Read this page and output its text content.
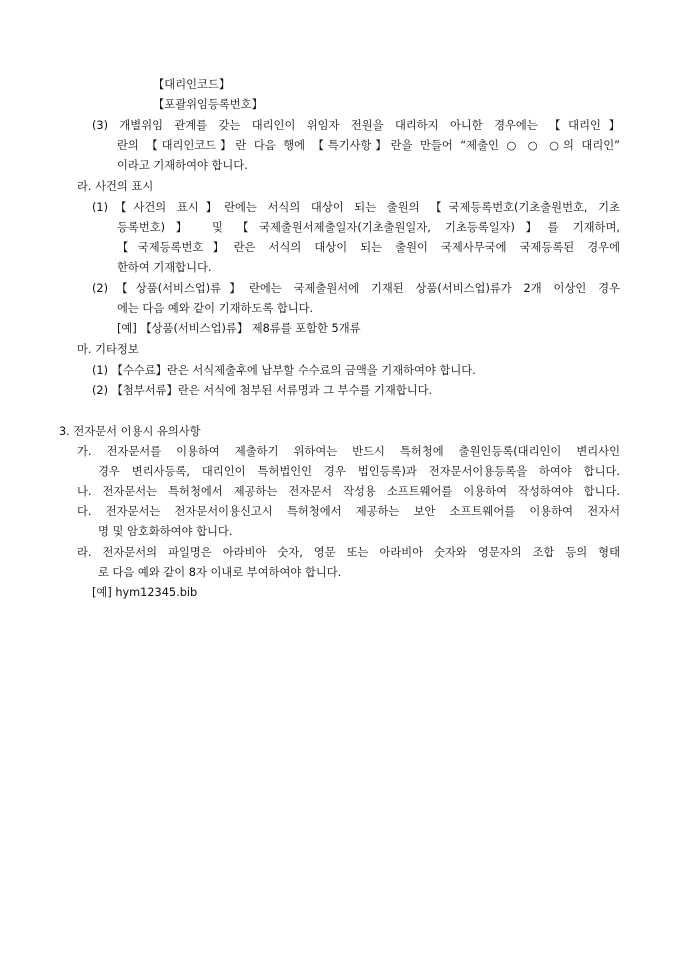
【대리인코드】
【포괄위임등록번호】
(3) 개별위임 관계를 갖는 대리인이 위임자 전원을 대리하지 아니한 경우에는 【대리인】
란의 【대리인코드】란 다음 행에 【특기사항】란을 만들어 “제출인 ○ ○ ○의 대리인”
이라고 기재하여야 합니다.
라. 사건의 표시
(1)【사건의 표시】란에는 서식의 대상이 되는 출원의 【국제등록번호(기초출원번호, 기초
등록번호)】 및 【국제출원서제출일자(기초출원일자, 기초등록일자)】를 기재하며,
【국제등록번호】란은 서식의 대상이 되는 출원이 국제사무국에 국제등록된 경우에
한하여 기재합니다.
(2)【상품(서비스업)류】란에는 국제출원서에 기재된 상품(서비스업)류가 2개 이상인 경우
에는 다음 예와 같이 기재하도록 합니다.
[예] 【상품(서비스업)류】 제8류를 포함한 5개류
마. 기타정보
(1) 【수수료】란은 서식제출후에 납부할 수수료의 금액을 기재하여야 합니다.
(2) 【첨부서류】란은 서식에 첨부된 서류명과 그 부수를 기재합니다.
3. 전자문서 이용시 유의사항
가. 전자문서를 이용하여 제출하기 위하여는 반드시 특허청에 출원인등록(대리인이 변리사인
경우 변리사등록, 대리인이 특허법인인 경우 법인등록)과 전자문서이용등록을 하여야 합니다.
나. 전자문서는 특허청에서 제공하는 전자문서 작성용 소프트웨어를 이용하여 작성하여야 합니다.
다. 전자문서는 전자문서이용신고시 특허청에서 제공하는 보안 소프트웨어를 이용하여 전자서
명 및 암호화하여야 합니다.
라. 전자문서의 파일명은 아라비아 숫자, 영문 또는 아라비아 숫자와 영문자의 조합 등의 형태
로 다음 예와 같이 8자 이내로 부여하여야 합니다.
[예] hym12345.bib
